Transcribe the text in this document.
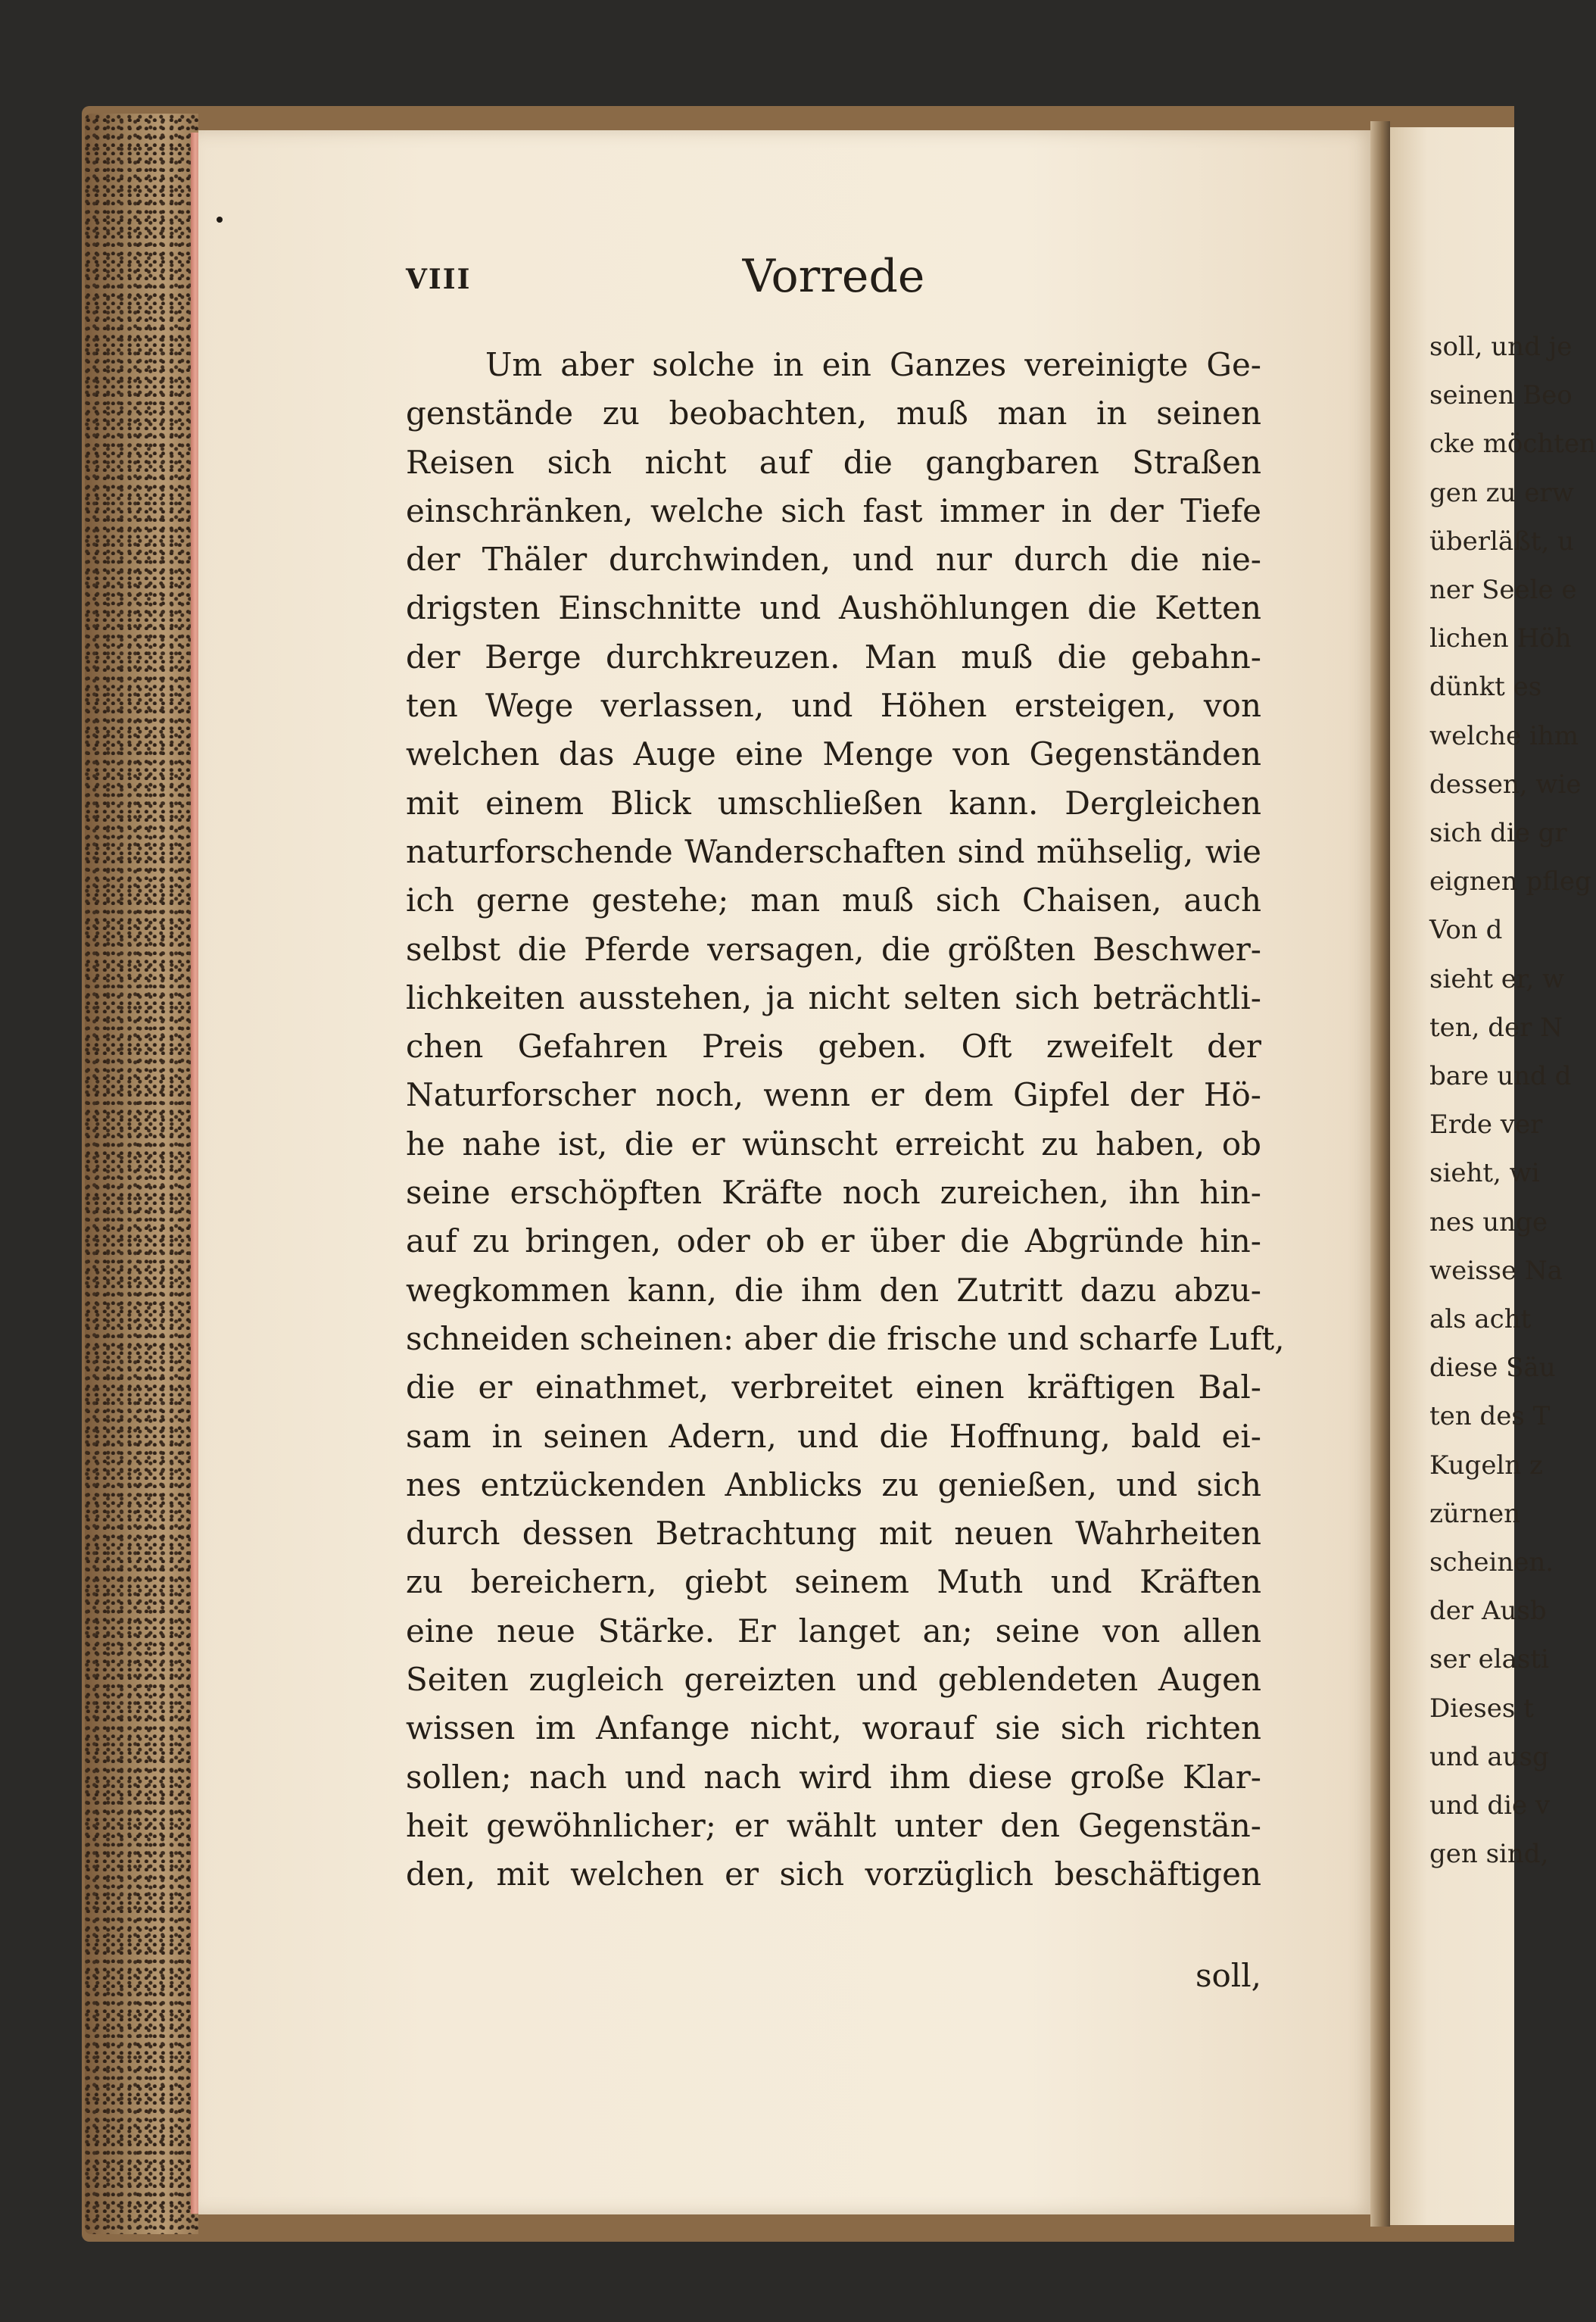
soll, und je
seinen Beo
cke möchten
gen zu erw
überläßt, u
ner Seele e
lichen Höh
dünkt es
welche ihm
dessen, wie
sich die gr
eignen pfleg
Von d
sieht er, w
ten, der N
bare und d
Erde ver
sieht, wi
nes unge
weisse Na
als acht
diese Säu
ten des T
Kugeln z
zürnen
scheinen.
der Ausb
ser elasti
Dieses t
und ausg
und die v
gen sind,
VIII	Vorrede
Um aber solche in ein Ganzes vereinigte Ge-
genstände zu beobachten, muß man in seinen
Reisen sich nicht auf die gangbaren Straßen
einschränken, welche sich fast immer in der Tiefe
der Thäler durchwinden, und nur durch die nie-
drigsten Einschnitte und Aushöhlungen die Ketten
der Berge durchkreuzen. Man muß die gebahn-
ten Wege verlassen, und Höhen ersteigen, von
welchen das Auge eine Menge von Gegenständen
mit einem Blick umschließen kann. Dergleichen
naturforschende Wanderschaften sind mühselig, wie
ich gerne gestehe; man muß sich Chaisen, auch
selbst die Pferde versagen, die größten Beschwer-
lichkeiten ausstehen, ja nicht selten sich beträchtli-
chen Gefahren Preis geben. Oft zweifelt der
Naturforscher noch, wenn er dem Gipfel der Hö-
he nahe ist, die er wünscht erreicht zu haben, ob
seine erschöpften Kräfte noch zureichen, ihn hin-
auf zu bringen, oder ob er über die Abgründe hin-
wegkommen kann, die ihm den Zutritt dazu abzu-
schneiden scheinen: aber die frische und scharfe Luft,
die er einathmet, verbreitet einen kräftigen Bal-
sam in seinen Adern, und die Hoffnung, bald ei-
nes entzückenden Anblicks zu genießen, und sich
durch dessen Betrachtung mit neuen Wahrheiten
zu bereichern, giebt seinem Muth und Kräften
eine neue Stärke. Er langet an; seine von allen
Seiten zugleich gereizten und geblendeten Augen
wissen im Anfange nicht, worauf sie sich richten
sollen; nach und nach wird ihm diese große Klar-
heit gewöhnlicher; er wählt unter den Gegenstän-
den, mit welchen er sich vorzüglich beschäftigen
soll,
